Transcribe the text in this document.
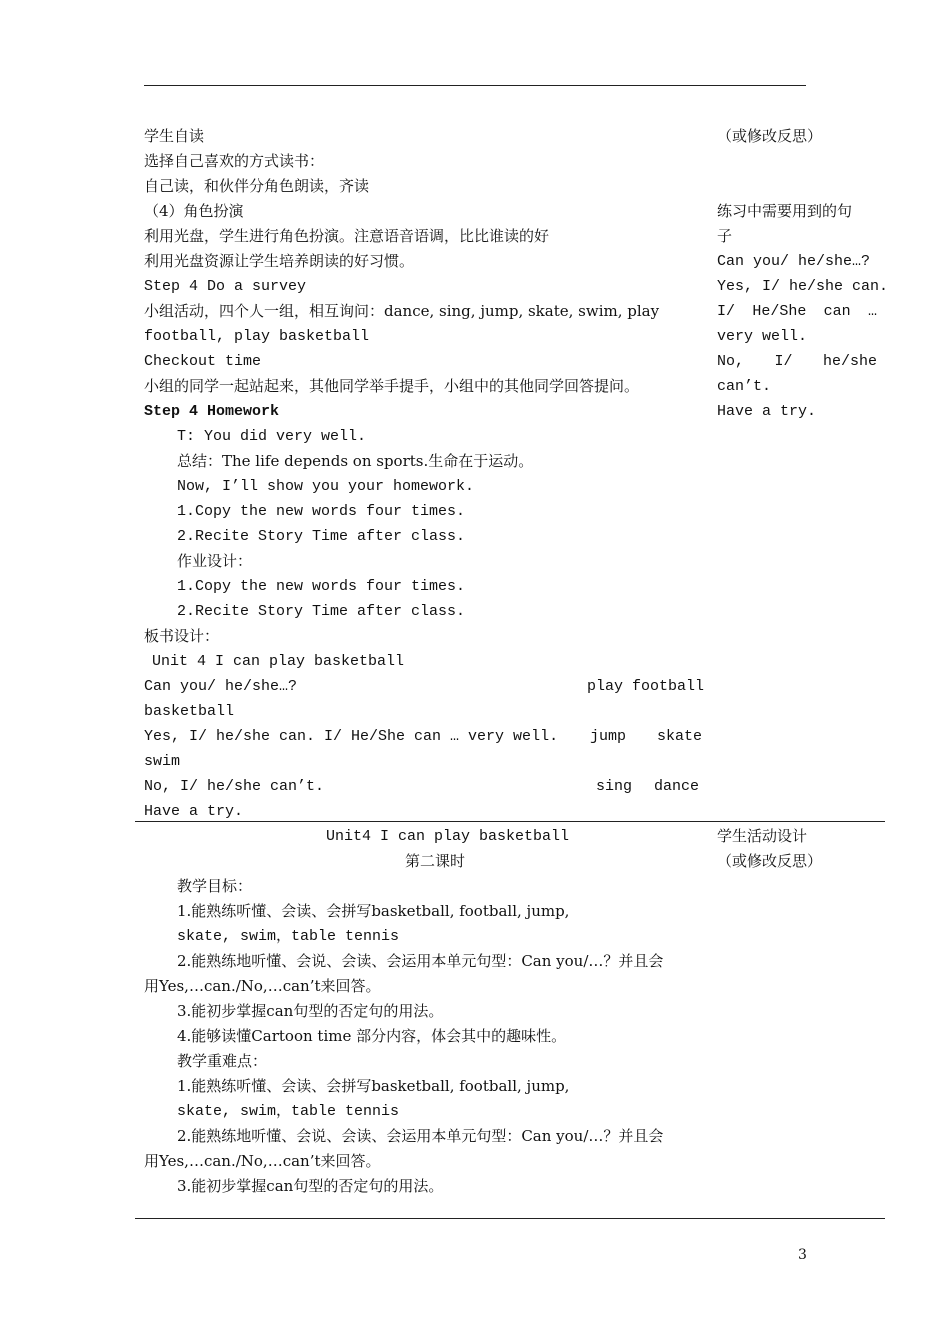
学生自读
选择自己喜欢的方式读书：
自己读，和伙伴分角色朗读，齐读
（4）角色扮演
利用光盘，学生进行角色扮演。注意语音语调，比比谁读的好
利用光盘资源让学生培养朗读的好习惯。
Step 4 Do a survey
小组活动，四个人一组，相互询问：dance, sing, jump, skate, swim, play
football, play basketball
Checkout time
小组的同学一起站起来，其他同学举手提手，小组中的其他同学回答提问。
Step 4 Homework
T: You did very well.
总结：The life depends on sports.生命在于运动。
Now, I’ll show you your homework.
1.Copy the new words four times.
2.Recite Story Time after class.
作业设计：
1.Copy the new words four times.
2.Recite Story Time after class.
板书设计：
Unit 4 I can play basketball
Can you/ he/she…?	play football
basketball
Yes, I/ he/she can. I/ He/She can … very well. jump skate
swim
No, I/ he/she can’t.	sing dance
Have a try.
（或修改反思）
练习中需要用到的句
子
Can you/ he/she…?
Yes, I/ he/she can.
I/ He/She can …
very well.
No, I/ he/she
can’t.
Have a try.
Unit4 I can play basketball
第二课时
学生活动设计
（或修改反思）
教学目标：
1.能熟练听懂、会读、会拼写basketball, football, jump,
skate, swim，table tennis
2.能熟练地听懂、会说、会读、会运用本单元句型：Can you/…？并且会
用Yes,…can./No,…can’t来回答。
3.能初步掌握can句型的否定句的用法。
4.能够读懂Cartoon time 部分内容，体会其中的趣味性。
教学重难点：
1.能熟练听懂、会读、会拼写basketball, football, jump,
skate, swim，table tennis
2.能熟练地听懂、会说、会读、会运用本单元句型：Can you/…？并且会
用Yes,…can./No,…can’t来回答。
3.能初步掌握can句型的否定句的用法。
3
